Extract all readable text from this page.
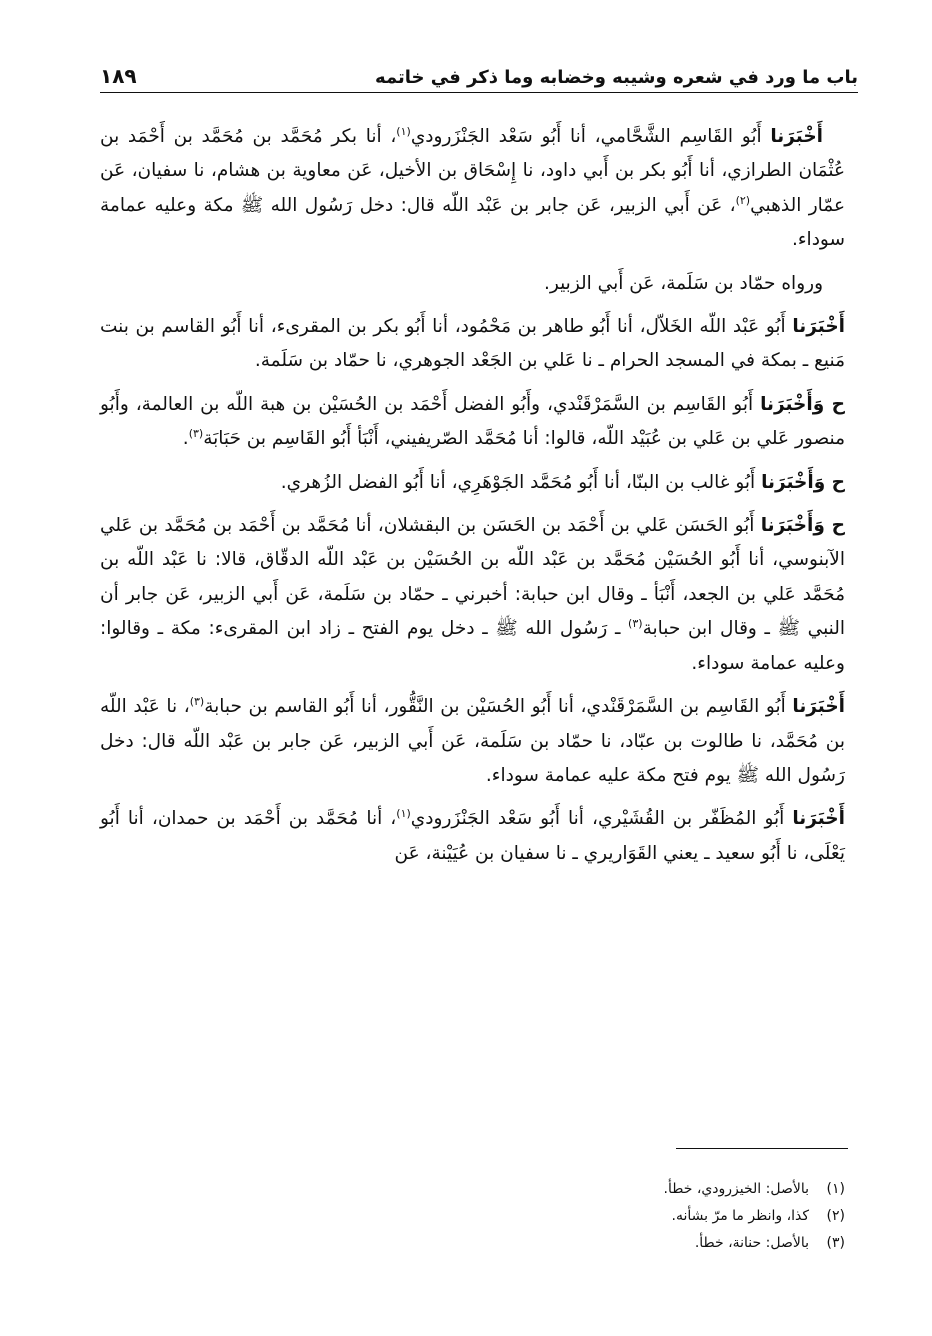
باب ما ورد في شعره وشيبه وخضابه وما ذكر في خاتمه
١٨٩

أَخْبَرَنا أَبُو القَاسِم الشَّحَّامي، أنا أَبُو سَعْد الجَنْزَرودي$^{(١)}$، أنا بكر مُحَمَّد بن مُحَمَّد بن أَحْمَد بن عُثْمَان الطرازي، أنا أَبُو بكر بن أَبي داود، نا إِسْحَاق بن الأخيل، عَن معاوية بن هشام، نا سفيان، عَن عمّار الذهبي$^{(٢)}$، عَن أَبي الزبير، عَن جابر بن عَبْد اللّه قال: دخل رَسُول الله ﷺ مكة وعليه عمامة سوداء.

ورواه حمّاد بن سَلَمة، عَن أَبي الزبير.

أَخْبَرَنا أَبُو عَبْد اللّه الخَلاّل، أنا أَبُو طاهر بن مَحْمُود، أنا أَبُو بكر بن المقرىء، أنا أَبُو القاسم بن بنت مَنيع ـ بمكة في المسجد الحرام ـ نا عَلي بن الجَعْد الجوهري، نا حمّاد بن سَلَمة.

ح وَأَخْبَرَنا أَبُو القَاسِم بن السَّمَرْقَنْدي، وأَبُو الفضل أَحْمَد بن الحُسَيْن بن هبة اللّه بن العالمة، وأَبُو منصور عَلي بن عَلي بن عُبَيْد اللّه، قالوا: أنا مُحَمَّد الصّريفيني، أَنْبَأ أَبُو القَاسِم بن حَبَابَة$^{(٣)}$.

ح وَأَخْبَرَنا أَبُو غالب بن البنّا، أنا أَبُو مُحَمَّد الجَوْهَرِي، أنا أَبُو الفضل الزُهري.

ح وَأَخْبَرَنا أَبُو الحَسَن عَلي بن أَحْمَد بن الحَسَن بن البقشلان، أنا مُحَمَّد بن أَحْمَد بن مُحَمَّد بن عَلي الآبنوسي، أنا أَبُو الحُسَيْن مُحَمَّد بن عَبْد اللّه بن الحُسَيْن بن عَبْد اللّه الدقّاق، قالا: نا عَبْد اللّه بن مُحَمَّد عَلي بن الجعد، أَنْبَأ ـ وقال ابن حبابة: أخبرني ـ حمّاد بن سَلَمة، عَن أَبي الزبير، عَن جابر أن النبي ﷺ ـ وقال ابن حبابة$^{(٣)}$ ـ رَسُول الله ﷺ ـ دخل يوم الفتح ـ زاد ابن المقرىء: مكة ـ وقالوا: وعليه عمامة سوداء.

أَخْبَرَنا أَبُو القَاسِم بن السَّمَرْقَنْدي، أنا أَبُو الحُسَيْن بن النَّقُّور، أنا أَبُو القاسم بن حبابة$^{(٣)}$، نا عَبْد اللّه بن مُحَمَّد، نا طالوت بن عبّاد، نا حمّاد بن سَلَمة، عَن أَبي الزبير، عَن جابر بن عَبْد اللّه قال: دخل رَسُول الله ﷺ يوم فتح مكة عليه عمامة سوداء.

أَخْبَرَنا أَبُو المُظَفّر بن القُشَيْري، أنا أَبُو سَعْد الجَنْزَرودي$^{(١)}$، أنا مُحَمَّد بن أَحْمَد بن حمدان، أنا أَبُو يَعْلَى، نا أَبُو سعيد ـ يعني القَوَاريري ـ نا سفيان بن عُيَيْنة، عَن

(١)
بالأصل: الخيزرودي، خطأ.
(٢)
كذا، وانظر ما مرّ بشأنه.
(٣)
بالأصل: حنانة، خطأ.
